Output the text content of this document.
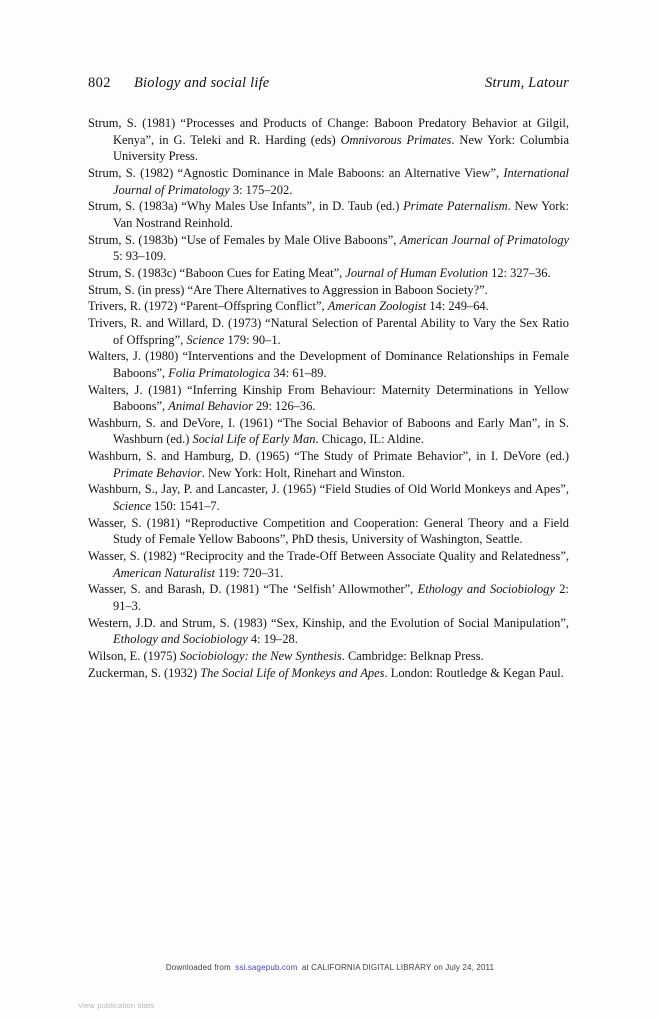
802 Biology and social life	Strum, Latour

Strum, S. (1981) “Processes and Products of Change: Baboon Predatory Behavior at Gilgil, Kenya”, in G. Teleki and R. Harding (eds) Omnivorous Primates. New York: Columbia University Press.

Strum, S. (1982) “Agnostic Dominance in Male Baboons: an Alternative View”, International Journal of Primatology 3: 175–202.

Strum, S. (1983a) “Why Males Use Infants”, in D. Taub (ed.) Primate Paternalism. New York: Van Nostrand Reinhold.

Strum, S. (1983b) “Use of Females by Male Olive Baboons”, American Journal of Primatology 5: 93–109.

Strum, S. (1983c) “Baboon Cues for Eating Meat”, Journal of Human Evolution 12: 327–36.

Strum, S. (in press) “Are There Alternatives to Aggression in Baboon Society?”.

Trivers, R. (1972) “Parent–Offspring Conflict”, American Zoologist 14: 249–64.

Trivers, R. and Willard, D. (1973) “Natural Selection of Parental Ability to Vary the Sex Ratio of Offspring”, Science 179: 90–1.

Walters, J. (1980) “Interventions and the Development of Dominance Relationships in Female Baboons”, Folia Primatologica 34: 61–89.

Walters, J. (1981) “Inferring Kinship From Behaviour: Maternity Determinations in Yellow Baboons”, Animal Behavior 29: 126–36.

Washburn, S. and DeVore, I. (1961) “The Social Behavior of Baboons and Early Man”, in S. Washburn (ed.) Social Life of Early Man. Chicago, IL: Aldine.

Washburn, S. and Hamburg, D. (1965) “The Study of Primate Behavior”, in I. DeVore (ed.) Primate Behavior. New York: Holt, Rinehart and Winston.

Washburn, S., Jay, P. and Lancaster, J. (1965) “Field Studies of Old World Monkeys and Apes”, Science 150: 1541–7.

Wasser, S. (1981) “Reproductive Competition and Cooperation: General Theory and a Field Study of Female Yellow Baboons”, PhD thesis, University of Washington, Seattle.

Wasser, S. (1982) “Reciprocity and the Trade-Off Between Associate Quality and Relatedness”, American Naturalist 119: 720–31.

Wasser, S. and Barash, D. (1981) “The ‘Selfish’ Allowmother”, Ethology and Sociobiology 2: 91–3.

Western, J.D. and Strum, S. (1983) “Sex, Kinship, and the Evolution of Social Manipulation”, Ethology and Sociobiology 4: 19–28.

Wilson, E. (1975) Sociobiology: the New Synthesis. Cambridge: Belknap Press.

Zuckerman, S. (1932) The Social Life of Monkeys and Apes. London: Routledge & Kegan Paul.

Downloaded from ssi.sagepub.com at CALIFORNIA DIGITAL LIBRARY on July 24, 2011
View publication stats
